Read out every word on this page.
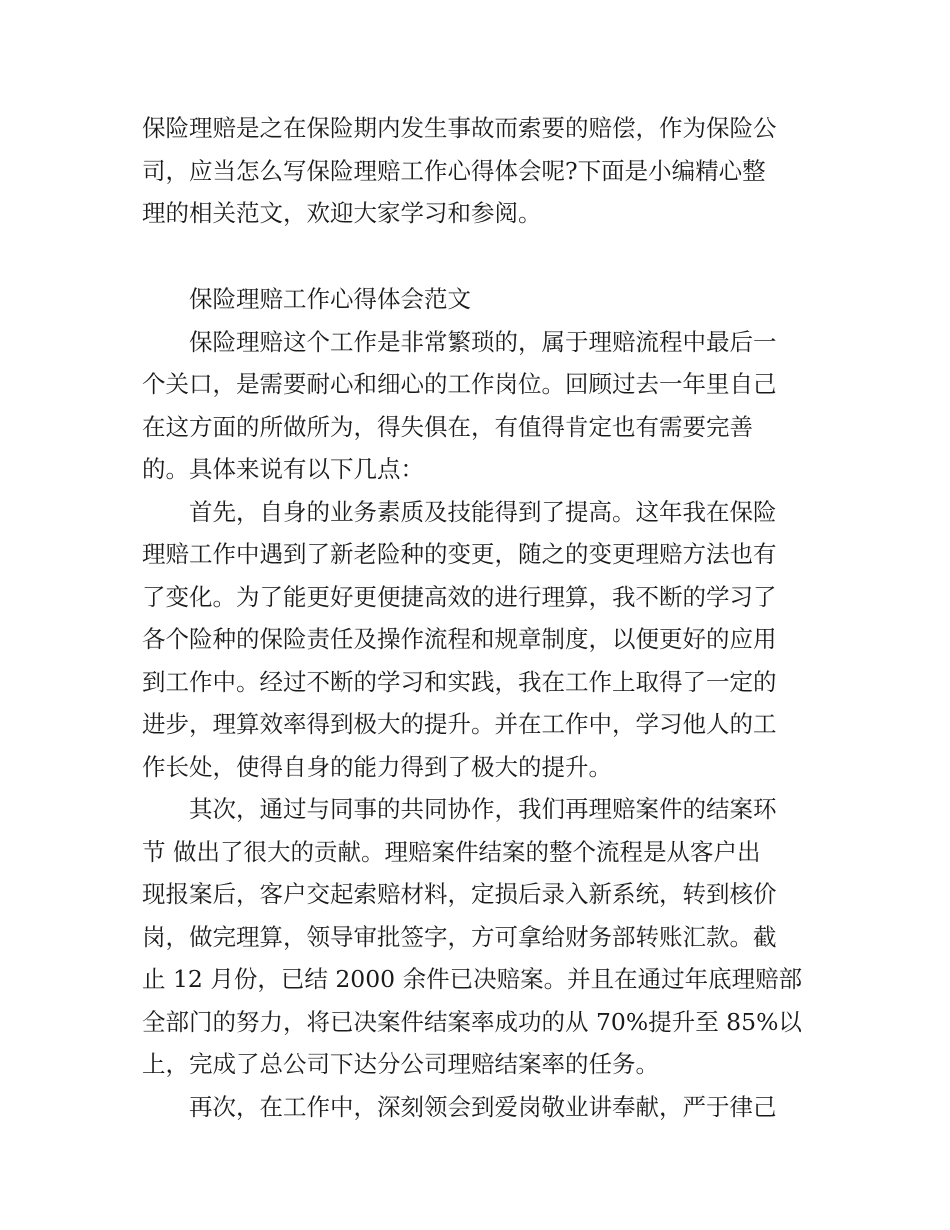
保险理赔是之在保险期内发生事故而索要的赔偿，作为保险公
司，应当怎么写保险理赔工作心得体会呢?下面是小编精心整
理的相关范文，欢迎大家学习和参阅。
　　保险理赔工作心得体会范文
　　保险理赔这个工作是非常繁琐的，属于理赔流程中最后一
个关口，是需要耐心和细心的工作岗位。回顾过去一年里自己
在这方面的所做所为，得失俱在，有值得肯定也有需要完善
的。具体来说有以下几点：
　　首先，自身的业务素质及技能得到了提高。这年我在保险
理赔工作中遇到了新老险种的变更，随之的变更理赔方法也有
了变化。为了能更好更便捷高效的进行理算，我不断的学习了
各个险种的保险责任及操作流程和规章制度，以便更好的应用
到工作中。经过不断的学习和实践，我在工作上取得了一定的
进步，理算效率得到极大的提升。并在工作中，学习他人的工
作长处，使得自身的能力得到了极大的提升。
　　其次，通过与同事的共同协作，我们再理赔案件的结案环
节 做出了很大的贡献。理赔案件结案的整个流程是从客户出
现报案后，客户交起索赔材料，定损后录入新系统，转到核价
岗，做完理算，领导审批签字，方可拿给财务部转账汇款。截
止 12 月份，已结 2000 余件已决赔案。并且在通过年底理赔部
全部门的努力，将已决案件结案率成功的从 70%提升至 85%以
上，完成了总公司下达分公司理赔结案率的任务。
　　再次，在工作中，深刻领会到爱岗敬业讲奉献，严于律己
